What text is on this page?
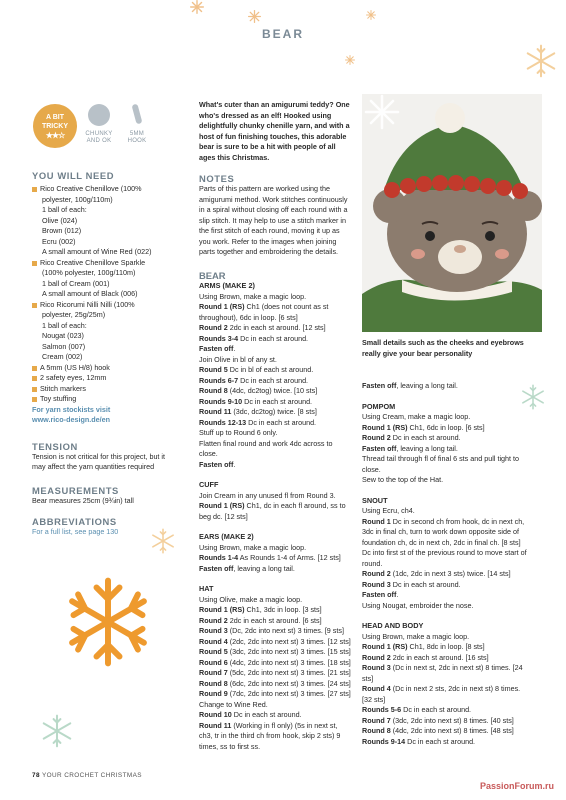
BEAR
A BIT
TRICKY
★★☆	CHUNKY
AND OK
5MM
HOOK
YOU WILL NEED
Rico Creative Chenillove (100%
polyester, 100g/110m)
1 ball of each:
Olive (024)
Brown (012)
Ecru (002)
A small amount of Wine Red (022)
Rico Creative Chenillove Sparkle
(100% polyester, 100g/110m)
1 ball of Cream (001)
A small amount of Black (006)
Rico Ricorumi Nilli Nilli (100%
polyester, 25g/25m)
1 ball of each:
Nougat (023)
Salmon (007)
Cream (002)
A 5mm (US H/8) hook
2 safety eyes, 12mm
Stitch markers
Toy stuffing
For yarn stockists visit
www.rico-design.de/en
TENSION

Tension is not critical for this project, but it may affect the yarn quantities required

MEASUREMENTS

Bear measures 25cm (9¾in) tall

ABBREVIATIONS

For a full list, see page 130

What's cuter than an amigurumi teddy? One who's dressed as an elf! Hooked using delightfully chunky chenille yarn, and with a host of fun finishing touches, this adorable bear is sure to be a hit with people of all ages this Christmas.

NOTES

Parts of this pattern are worked using the amigurumi method. Work stitches continuously in a spiral without closing off each round with a slip stitch. It may help to use a stitch marker in the first stitch of each round, moving it up as you work. Refer to the images when joining parts together and embroidering the details.

BEAR
ARMS (MAKE 2)

Using Brown, make a magic loop.

Round 1 (RS) Ch1 (does not count as st throughout), 6dc in loop. [6 sts]

Round 2 2dc in each st around. [12 sts]

Rounds 3-4 Dc in each st around.

Fasten off.

Join Olive in bl of any st.

Round 5 Dc in bl of each st around.

Rounds 6-7 Dc in each st around.

Round 8 (4dc, dc2tog) twice. [10 sts]

Rounds 9-10 Dc in each st around.

Round 11 (3dc, dc2tog) twice. [8 sts]

Rounds 12-13 Dc in each st around.

Stuff up to Round 6 only.

Flatten final round and work 4dc across to close.

Fasten off.

CUFF

Join Cream in any unused fl from Round 3.

Round 1 (RS) Ch1, dc in each fl around, ss to beg dc. [12 sts]

EARS (MAKE 2)

Using Brown, make a magic loop.

Rounds 1-4 As Rounds 1-4 of Arms. [12 sts]

Fasten off, leaving a long tail.

HAT

Using Olive, make a magic loop.

Round 1 (RS) Ch1, 3dc in loop. [3 sts]

Round 2 2dc in each st around. [6 sts]

Round 3 (Dc, 2dc into next st) 3 times. [9 sts]

Round 4 (2dc, 2dc into next st) 3 times. [12 sts]

Round 5 (3dc, 2dc into next st) 3 times. [15 sts]

Round 6 (4dc, 2dc into next st) 3 times. [18 sts]

Round 7 (5dc, 2dc into next st) 3 times. [21 sts]

Round 8 (6dc, 2dc into next st) 3 times. [24 sts]

Round 9 (7dc, 2dc into next st) 3 times. [27 sts]

Change to Wine Red.

Round 10 Dc in each st around.

Round 11 (Working in fl only) (5s in next st, ch3, tr in the third ch from hook, skip 2 sts) 9 times, ss to first ss.

Small details such as the cheeks and eyebrows really give your bear personality

Fasten off, leaving a long tail.

POMPOM

Using Cream, make a magic loop.

Round 1 (RS) Ch1, 6dc in loop. [6 sts]

Round 2 Dc in each st around.

Fasten off, leaving a long tail.

Thread tail through fl of final 6 sts and pull tight to close.

Sew to the top of the Hat.

SNOUT

Using Ecru, ch4.

Round 1 Dc in second ch from hook, dc in next ch, 3dc in final ch, turn to work down opposite side of foundation ch, dc in next ch, 2dc in final ch. [8 sts]

Dc into first st of the previous round to move start of round.

Round 2 (1dc, 2dc in next 3 sts) twice. [14 sts]

Round 3 Dc in each st around.

Fasten off.

Using Nougat, embroider the nose.

HEAD AND BODY

Using Brown, make a magic loop.

Round 1 (RS) Ch1, 8dc in loop. [8 sts]

Round 2 2dc in each st around. [16 sts]

Round 3 (Dc in next st, 2dc in next st) 8 times. [24 sts]

Round 4 (Dc in next 2 sts, 2dc in next st) 8 times. [32 sts]

Rounds 5-6 Dc in each st around.

Round 7 (3dc, 2dc into next st) 8 times. [40 sts]

Round 8 (4dc, 2dc into next st) 8 times. [48 sts]

Rounds 9-14 Dc in each st around.

78 YOUR CROCHET CHRISTMAS
PassionForum.ru
